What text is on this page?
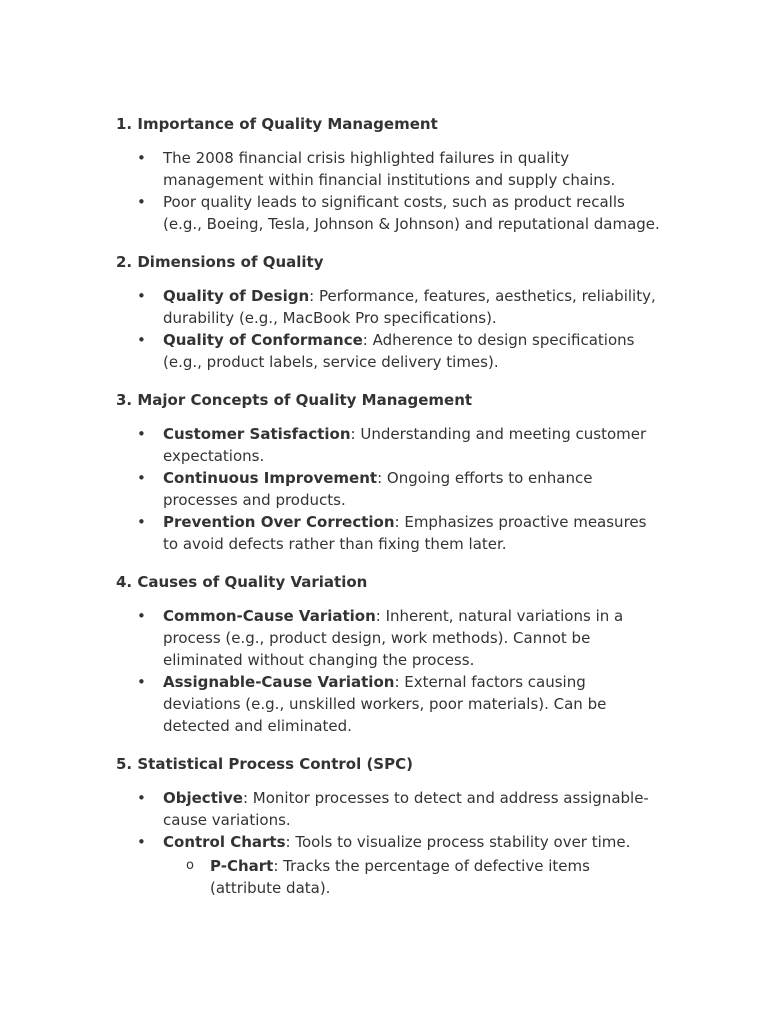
1. Importance of Quality Management
• The 2008 financial crisis highlighted failures in quality management within financial institutions and supply chains.
• Poor quality leads to significant costs, such as product recalls (e.g., Boeing, Tesla, Johnson & Johnson) and reputational damage.
2. Dimensions of Quality
• Quality of Design: Performance, features, aesthetics, reliability, durability (e.g., MacBook Pro specifications).
• Quality of Conformance: Adherence to design specifications (e.g., product labels, service delivery times).
3. Major Concepts of Quality Management
• Customer Satisfaction: Understanding and meeting customer expectations.
• Continuous Improvement: Ongoing efforts to enhance processes and products.
• Prevention Over Correction: Emphasizes proactive measures to avoid defects rather than fixing them later.
4. Causes of Quality Variation
• Common-Cause Variation: Inherent, natural variations in a process (e.g., product design, work methods). Cannot be eliminated without changing the process.
• Assignable-Cause Variation: External factors causing deviations (e.g., unskilled workers, poor materials). Can be detected and eliminated.
5. Statistical Process Control (SPC)
• Objective: Monitor processes to detect and address assignable-cause variations.
• Control Charts: Tools to visualize process stability over time.
o P-Chart: Tracks the percentage of defective items (attribute data).
